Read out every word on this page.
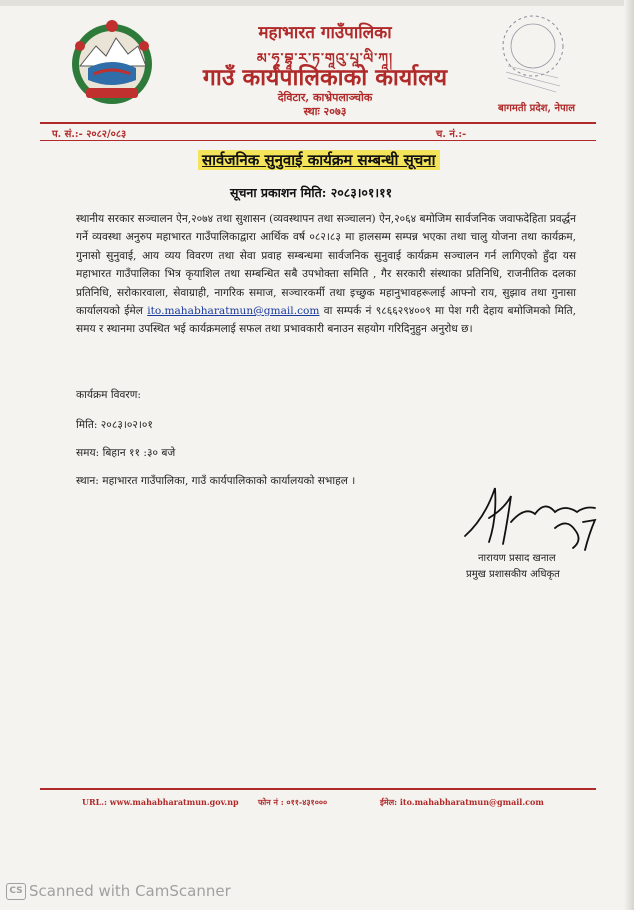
महाभारत गाउँपालिका
མ་ཧཱ་བྷཱ་ར་ཏ་གཱའུ་པཱ་ལི་ཀཱ།
गाउँ कार्यपालिकाको कार्यालय
देविटार, काभ्रेपलाञ्चोक
स्थाः २०७३	बागमती प्रदेश, नेपाल
प. सं.:- २०८२/०८३	च. नं.:-
सार्वजनिक सुनुवाई कार्यक्रम सम्बन्धी सूचना
सूचना प्रकाशन मिति: २०८३।०१।११
स्थानीय सरकार सञ्चालन ऐन,२०७४ तथा सुशासन (व्यवस्थापन तथा सञ्चालन) ऐन,२०६४ बमोजिम सार्वजनिक जवाफदेहिता प्रवर्द्धन गर्ने व्यवस्था अनुरुप महाभारत गाउँपालिकाद्वारा आर्थिक वर्ष ०८२।८३ मा हालसम्म सम्पन्न भएका तथा चालु योजना तथा कार्यक्रम, गुनासो सुनुवाई, आय व्यय विवरण तथा सेवा प्रवाह सम्बन्धमा सार्वजनिक सुनुवाई कार्यक्रम सञ्चालन गर्न लागिएको हुँदा यस महाभारत गाउँपालिका भित्र कृयाशिल तथा सम्बन्धित सबै उपभोक्ता समिति , गैर सरकारी संस्थाका प्रतिनिधि, राजनीतिक दलका प्रतिनिधि, सरोकारवाला, सेवाग्राही, नागरिक समाज, सञ्चारकर्मी तथा इच्छुक महानुभावहरूलाई आफ्नो राय, सुझाव तथा गुनासा कार्यालयको ईमेल ito.mahabharatmun@gmail.com वा सम्पर्क नं ९८६६२९४००९ मा पेश गरी देहाय बमोजिमको मिति, समय र स्थानमा उपस्थित भई कार्यक्रमलाई सफल तथा प्रभावकारी बनाउन सहयोग गरिदिनुहुन अनुरोध छ।
कार्यक्रम विवरण:
मिति: २०८३।०२।०१
समय: बिहान ११ :३० बजे
स्थान: महाभारत गाउँपालिका, गाउँ कार्यपालिकाको कार्यालयको सभाहल ।
नारायण प्रसाद खनाल
प्रमुख प्रशासकीय अधिकृत
URL.: www.mahabharatmun.gov.np फोन नं : ०११-४३१०००	ईमेल: ito.mahabharatmun@gmail.com
CS Scanned with CamScanner
